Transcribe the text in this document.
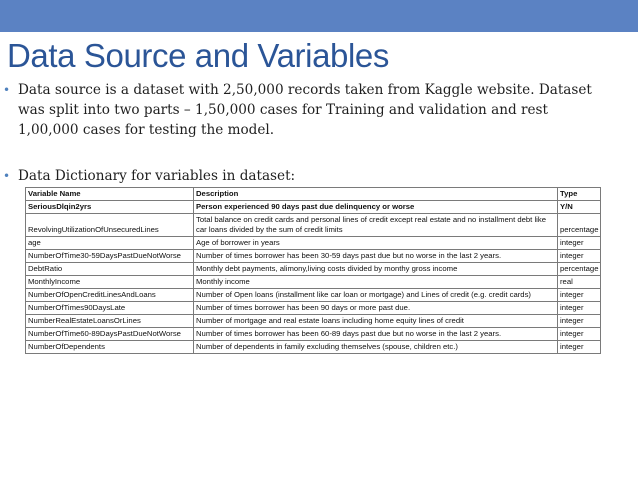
Data Source and Variables
• Data source is a dataset with 2,50,000 records taken from Kaggle website. Dataset was split into two parts – 1,50,000 cases for Training and validation and rest 1,00,000 cases for testing the model.
• Data Dictionary for variables in dataset:
Variable Name	Description	Type
SeriousDlqin2yrs	Person experienced 90 days past due delinquency or worse	Y/N
RevolvingUtilizationOfUnsecuredLines	Total balance on credit cards and personal lines of credit except real estate and no installment debt like car loans divided by the sum of credit limits	percentage
age	Age of borrower in years	integer
NumberOfTime30-59DaysPastDueNotWorse	Number of times borrower has been 30-59 days past due but no worse in the last 2 years.	integer
DebtRatio	Monthly debt payments, alimony,living costs divided by monthy gross income	percentage
MonthlyIncome	Monthly income	real
NumberOfOpenCreditLinesAndLoans	Number of Open loans (installment like car loan or mortgage) and Lines of credit (e.g. credit cards)	integer
NumberOfTimes90DaysLate	Number of times borrower has been 90 days or more past due.	integer
NumberRealEstateLoansOrLines	Number of mortgage and real estate loans including home equity lines of credit	integer
NumberOfTime60-89DaysPastDueNotWorse	Number of times borrower has been 60-89 days past due but no worse in the last 2 years.	integer
NumberOfDependents	Number of dependents in family excluding themselves (spouse, children etc.)	integer
